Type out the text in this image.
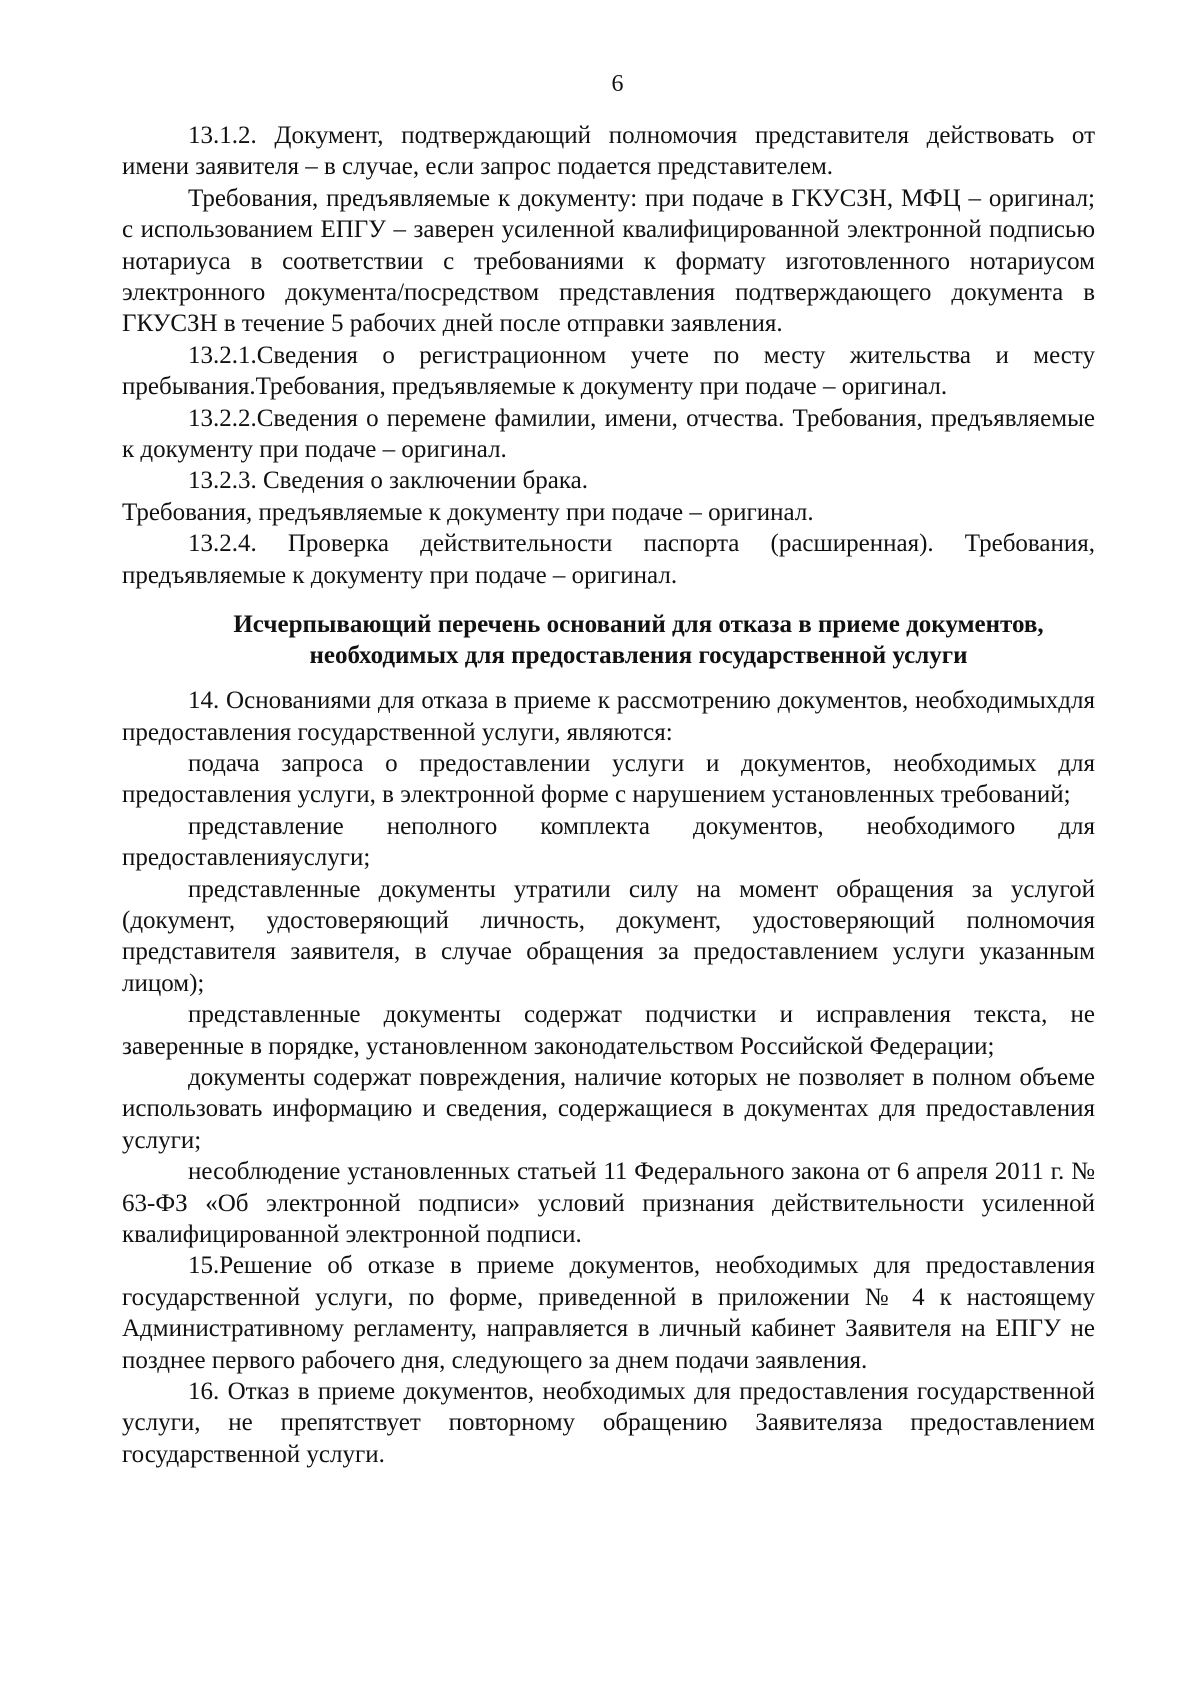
6

13.1.2. Документ, подтверждающий полномочия представителя действовать от имени заявителя – в случае, если запрос подается представителем.

Требования, предъявляемые к документу: при подаче в ГКУСЗН, МФЦ – оригинал; с использованием ЕПГУ – заверен усиленной квалифицированной электронной подписью нотариуса в соответствии с требованиями к формату изготовленного нотариусом электронного документа/посредством представления подтверждающего документа в ГКУСЗН в течение 5 рабочих дней после отправки заявления.

13.2.1.Сведения о регистрационном учете по месту жительства и месту пребывания.Требования, предъявляемые к документу при подаче – оригинал.

13.2.2.Сведения о перемене фамилии, имени, отчества. Требования, предъявляемые к документу при подаче – оригинал.

13.2.3. Сведения о заключении брака.

Требования, предъявляемые к документу при подаче – оригинал.

13.2.4. Проверка действительности паспорта (расширенная). Требования, предъявляемые к документу при подаче – оригинал.

Исчерпывающий перечень оснований для отказа в приеме документов,
необходимых для предоставления государственной услуги

14. Основаниями для отказа в приеме к рассмотрению документов, необходимыхдля предоставления государственной услуги, являются:

подача запроса о предоставлении услуги и документов, необходимых для предоставления услуги, в электронной форме с нарушением установленных требований;

представление неполного комплекта документов, необходимого для предоставленияуслуги;

представленные документы утратили силу на момент обращения за услугой (документ, удостоверяющий личность, документ, удостоверяющий полномочия представителя заявителя, в случае обращения за предоставлением услуги указанным лицом);

представленные документы содержат подчистки и исправления текста, не заверенные в порядке, установленном законодательством Российской Федерации;

документы содержат повреждения, наличие которых не позволяет в полном объеме использовать информацию и сведения, содержащиеся в документах для предоставления услуги;

несоблюдение установленных статьей 11 Федерального закона от 6 апреля 2011 г. № 63-ФЗ «Об электронной подписи» условий признания действительности усиленной квалифицированной электронной подписи.

15.Решение об отказе в приеме документов, необходимых для предоставления государственной услуги, по форме, приведенной в приложении № 4 к настоящему Административному регламенту, направляется в личный кабинет Заявителя на ЕПГУ не позднее первого рабочего дня, следующего за днем подачи заявления.

16. Отказ в приеме документов, необходимых для предоставления государственной услуги, не препятствует повторному обращению Заявителяза предоставлением государственной услуги.
